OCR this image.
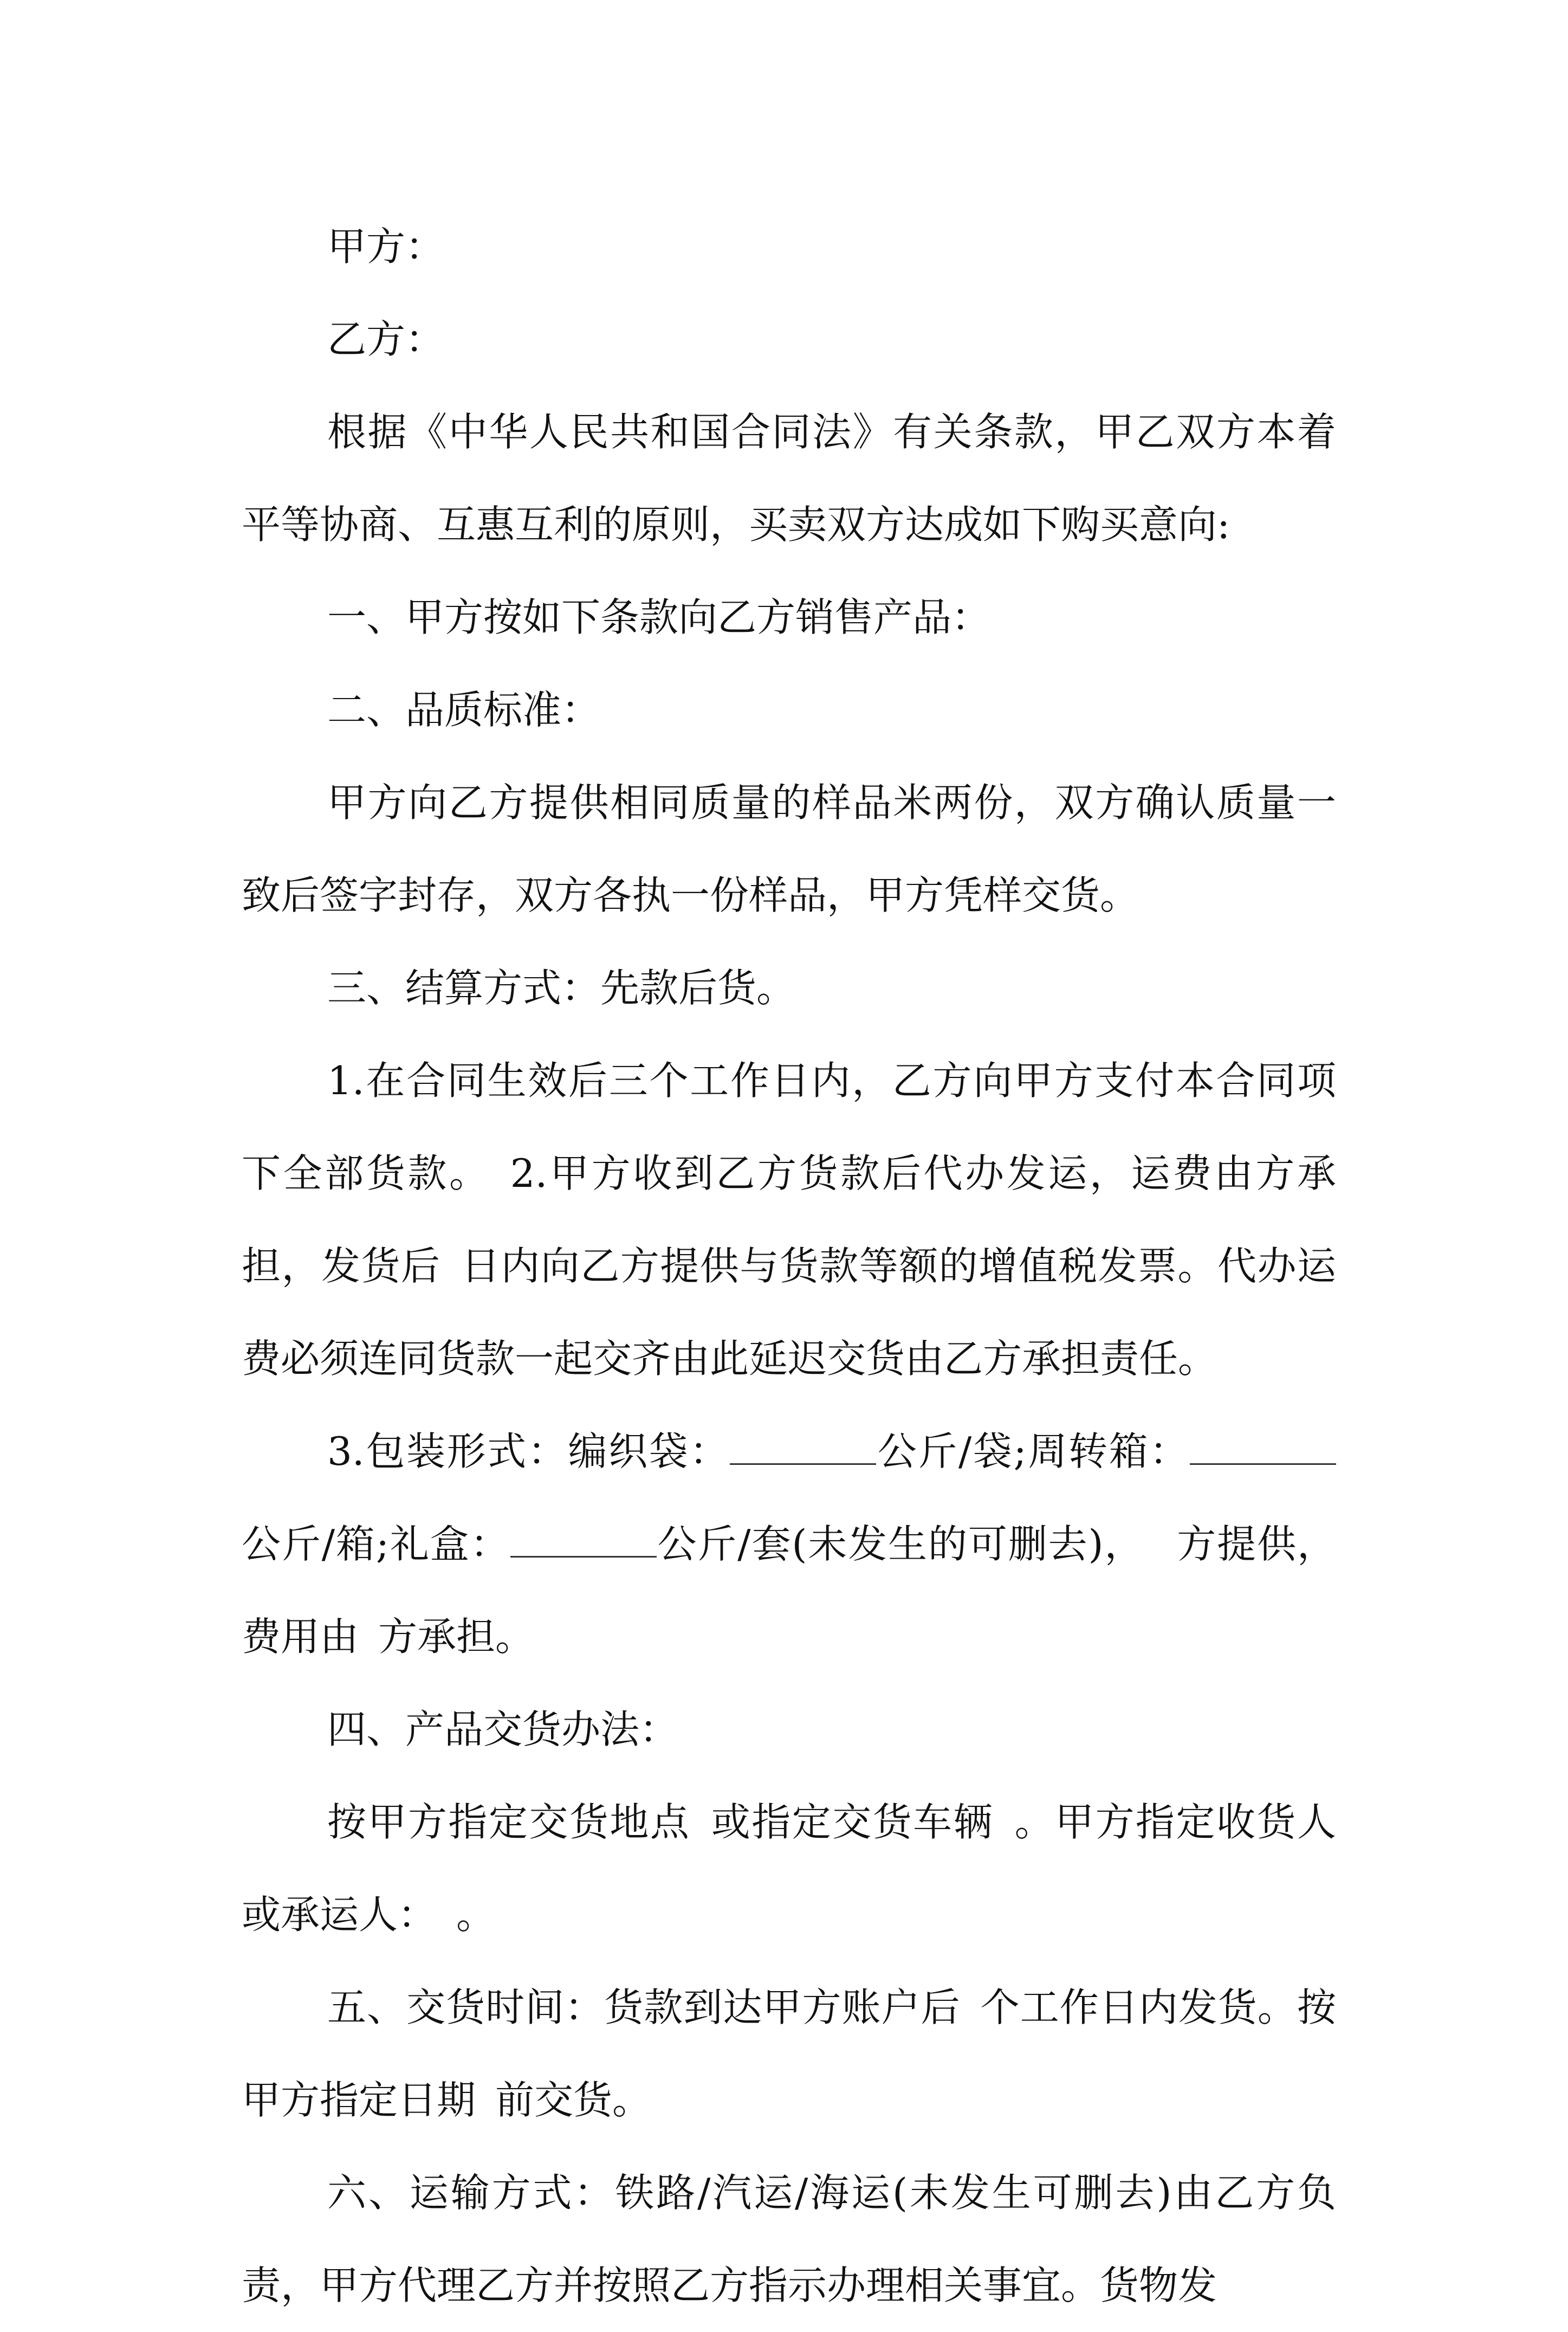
甲方：

乙方：

根据《中华人民共和国合同法》有关条款，甲乙双方本着平等协商、互惠互利的原则，买卖双方达成如下购买意向:

一、甲方按如下条款向乙方销售产品：

二、品质标准：

甲方向乙方提供相同质量的样品米两份，双方确认质量一致后签字封存，双方各执一份样品，甲方凭样交货。

三、结算方式：先款后货。

1.在合同生效后三个工作日内，乙方向甲方支付本合同项下全部货款。 2.甲方收到乙方货款后代办发运，运费由方承担，发货后 日内向乙方提供与货款等额的增值税发票。代办运费必须连同货款一起交齐由此延迟交货由乙方承担责任。

3.包装形式：编织袋：	公斤/袋;周转箱：公斤/箱;礼盒：	公斤/套(未发生的可删去)， 方提供，费用由 方承担。

四、产品交货办法：

按甲方指定交货地点 或指定交货车辆 。甲方指定收货人或承运人： 。

五、交货时间：货款到达甲方账户后 个工作日内发货。按甲方指定日期 前交货。

六、运输方式：铁路/汽运/海运(未发生可删去)由乙方负责，甲方代理乙方并按照乙方指示办理相关事宜。货物发
